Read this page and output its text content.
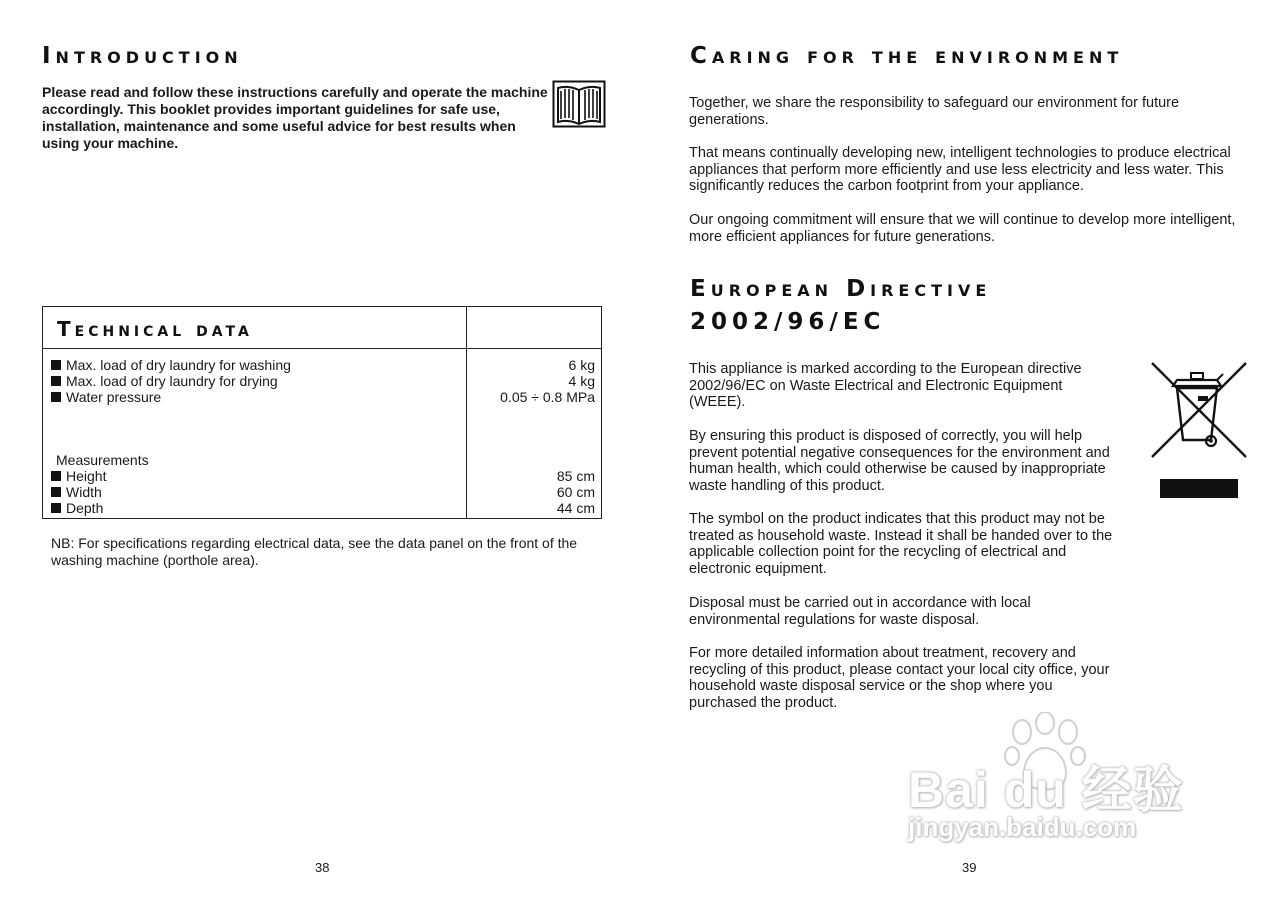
Introduction

Please read and follow these instructions carefully and operate the machine accordingly. This booklet provides important guidelines for safe use, installation, maintenance and some useful advice for best results when using your machine.

Technical data
Max. load of dry laundry for washing	6 kg
Max. load of dry laundry for drying	4 kg
Water pressure	0.05 ÷ 0.8 MPa
Measurements
Height	85 cm
Width	60 cm
Depth	44 cm

NB: For specifications regarding electrical data, see the data panel on the front of the washing machine (porthole area).

38
Caring for the environment

Together, we share the responsibility to safeguard our environment for future generations.

That means continually developing new, intelligent technologies to produce electrical appliances that perform more efficiently and use less electricity and less water. This significantly reduces the carbon footprint from your appliance.

Our ongoing commitment will ensure that we will continue to develop more intelligent, more efficient appliances for future generations.

European Directive
2002/96/EC

This appliance is marked according to the European directive 2002/96/EC on Waste Electrical and Electronic Equipment (WEEE).

By ensuring this product is disposed of correctly, you will help prevent potential negative consequences for the environment and human health, which could otherwise be caused by inappropriate waste handling of this product.

The symbol on the product indicates that this product may not be treated as household waste. Instead it shall be handed over to the applicable collection point for the recycling of electrical and electronic equipment.

Disposal must be carried out in accordance with local environmental regulations for waste disposal.

For more detailed information about treatment, recovery and recycling of this product, please contact your local city office, your household waste disposal service or the shop where you purchased the product.

Bai du 经验
jingyan.baidu.com
39
